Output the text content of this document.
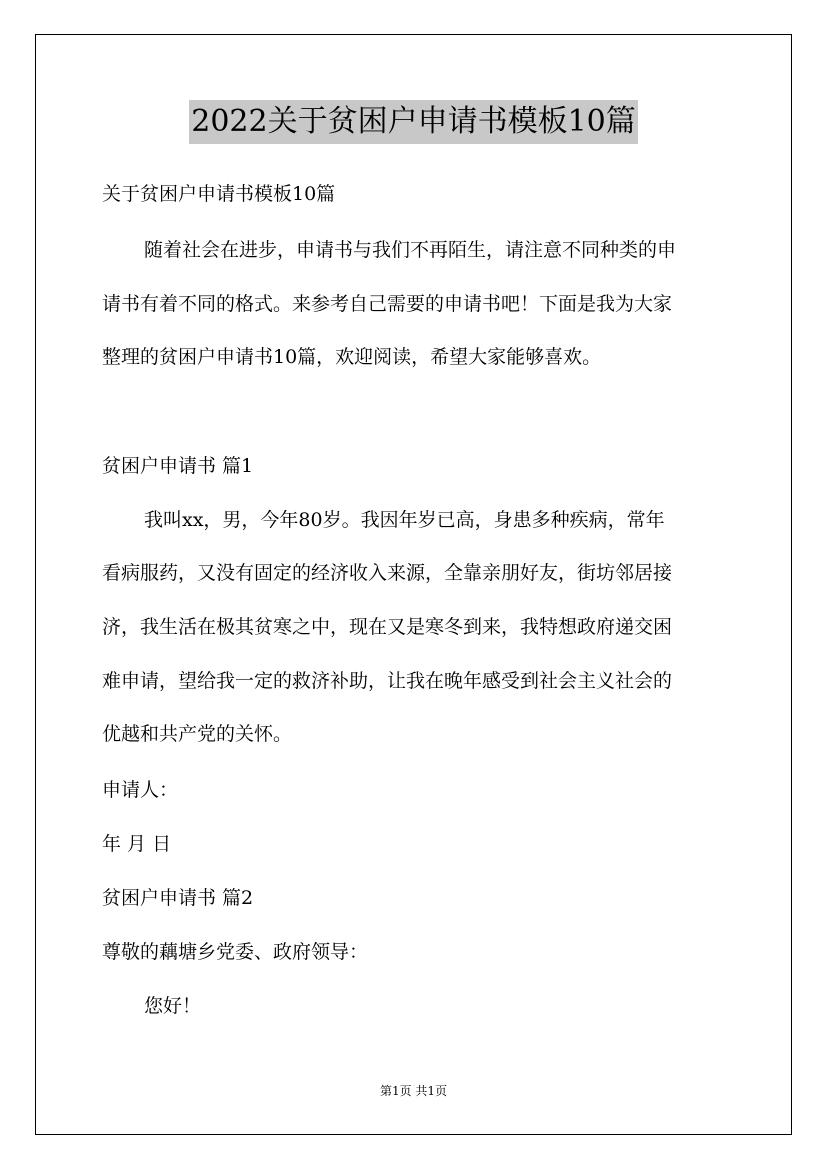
2022关于贫困户申请书模板10篇
关于贫困户申请书模板10篇
随着社会在进步，申请书与我们不再陌生，请注意不同种类的申
请书有着不同的格式。来参考自己需要的申请书吧！下面是我为大家
整理的贫困户申请书10篇，欢迎阅读，希望大家能够喜欢。
贫困户申请书 篇1
我叫xx，男，今年80岁。我因年岁已高，身患多种疾病，常年
看病服药，又没有固定的经济收入来源，全靠亲朋好友，街坊邻居接
济，我生活在极其贫寒之中，现在又是寒冬到来，我特想政府递交困
难申请，望给我一定的救济补助，让我在晚年感受到社会主义社会的
优越和共产党的关怀。
申请人：
年 月 日
贫困户申请书 篇2
尊敬的藕塘乡党委、政府领导：
您好！
第1页 共1页
